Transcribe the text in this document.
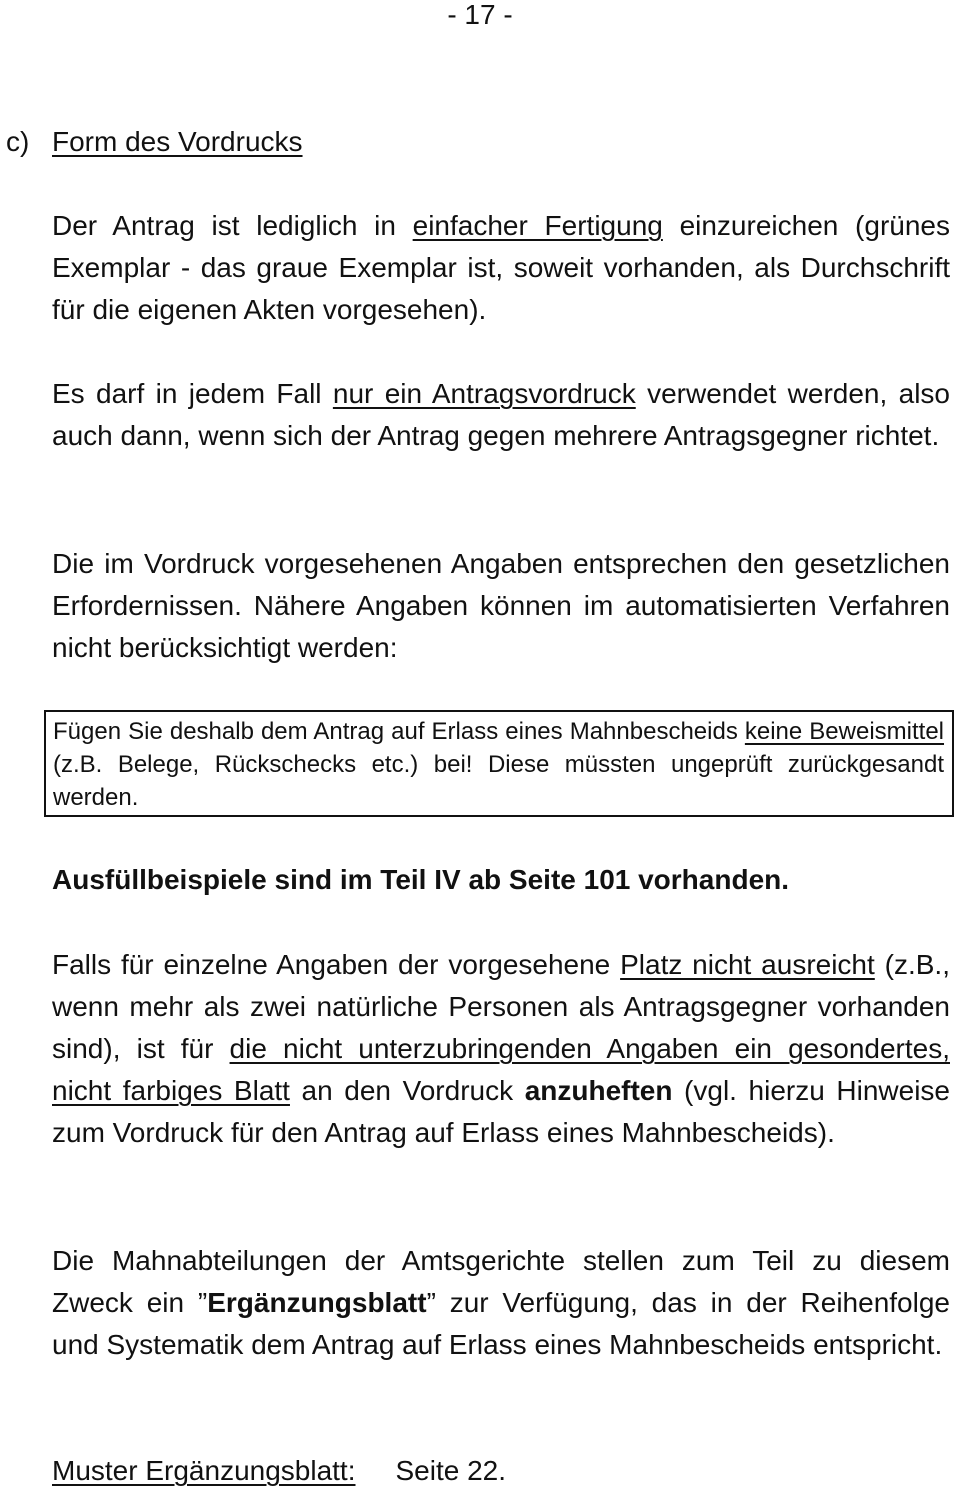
- 17 -
c) Form des Vordrucks

Der Antrag ist lediglich in einfacher Fertigung einzureichen (grünes Exemplar - das graue Exemplar ist, soweit vorhanden, als Durchschrift für die eigenen Akten vorgesehen).

Es darf in jedem Fall nur ein Antragsvordruck verwendet werden, also auch dann, wenn sich der Antrag gegen mehrere Antragsgegner richtet.

Die im Vordruck vorgesehenen Angaben entsprechen den gesetzlichen Erfordernissen. Nähere Angaben können im automatisierten Verfahren nicht berücksichtigt werden:

Fügen Sie deshalb dem Antrag auf Erlass eines Mahnbescheids keine Beweismittel (z.B. Belege, Rückschecks etc.) bei! Diese müssten ungeprüft zurückgesandt werden.
Ausfüllbeispiele sind im Teil IV ab Seite 101 vorhanden.

Falls für einzelne Angaben der vorgesehene Platz nicht ausreicht (z.B., wenn mehr als zwei natürliche Personen als Antragsgegner vorhanden sind), ist für die nicht unterzubringenden Angaben ein gesondertes, nicht farbiges Blatt an den Vordruck anzuheften (vgl. hierzu Hinweise zum Vordruck für den Antrag auf Erlass eines Mahnbescheids).

Die Mahnabteilungen der Amtsgerichte stellen zum Teil zu diesem Zweck ein ”Ergänzungsblatt” zur Verfügung, das in der Reihenfolge und Systematik dem Antrag auf Erlass eines Mahnbescheids entspricht.

Muster Ergänzungsblatt: Seite 22.
